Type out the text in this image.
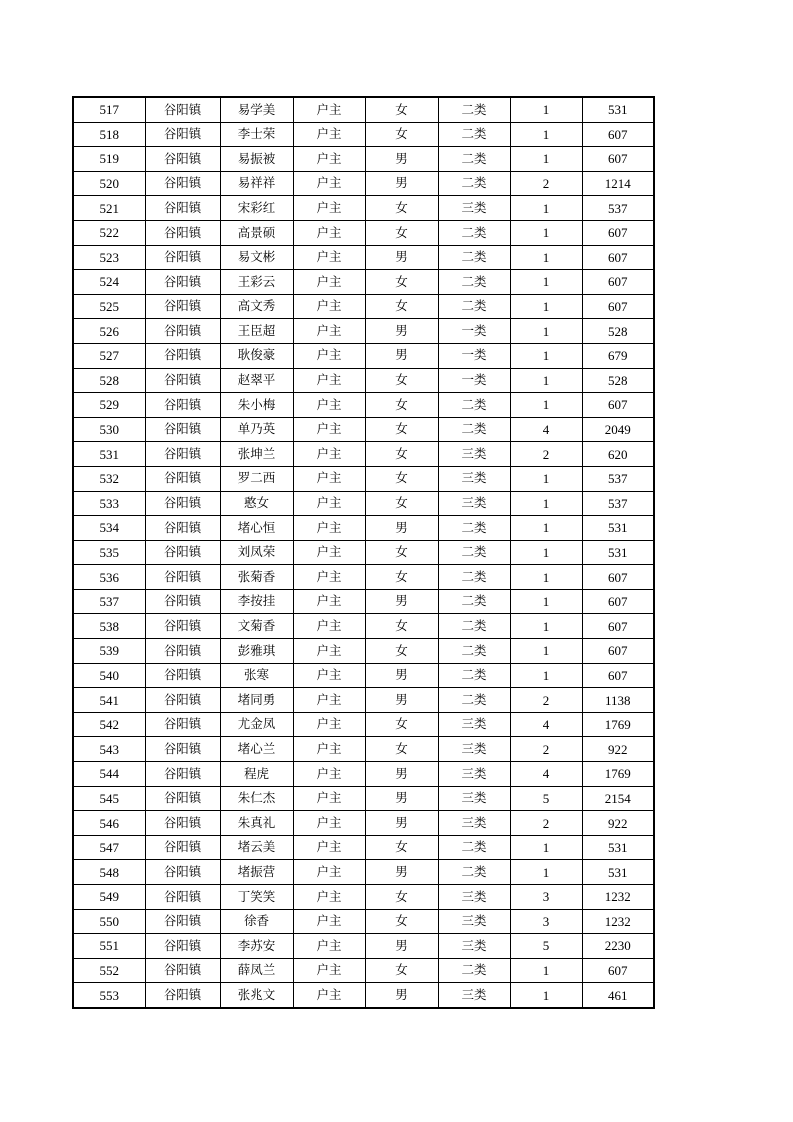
517	谷阳镇	易学美	户主	女	二类	1	531
518	谷阳镇	李士荣	户主	女	二类	1	607
519	谷阳镇	易振被	户主	男	二类	1	607
520	谷阳镇	易祥祥	户主	男	二类	2	1214
521	谷阳镇	宋彩红	户主	女	三类	1	537
522	谷阳镇	高景硕	户主	女	二类	1	607
523	谷阳镇	易文彬	户主	男	二类	1	607
524	谷阳镇	王彩云	户主	女	二类	1	607
525	谷阳镇	高文秀	户主	女	二类	1	607
526	谷阳镇	王臣超	户主	男	一类	1	528
527	谷阳镇	耿俊豪	户主	男	一类	1	679
528	谷阳镇	赵翠平	户主	女	一类	1	528
529	谷阳镇	朱小梅	户主	女	二类	1	607
530	谷阳镇	单乃英	户主	女	二类	4	2049
531	谷阳镇	张坤兰	户主	女	三类	2	620
532	谷阳镇	罗二西	户主	女	三类	1	537
533	谷阳镇	憨女	户主	女	三类	1	537
534	谷阳镇	堵心恒	户主	男	二类	1	531
535	谷阳镇	刘凤荣	户主	女	二类	1	531
536	谷阳镇	张菊香	户主	女	二类	1	607
537	谷阳镇	李按挂	户主	男	二类	1	607
538	谷阳镇	文菊香	户主	女	二类	1	607
539	谷阳镇	彭雅琪	户主	女	二类	1	607
540	谷阳镇	张寒	户主	男	二类	1	607
541	谷阳镇	堵同勇	户主	男	二类	2	1138
542	谷阳镇	尤金凤	户主	女	三类	4	1769
543	谷阳镇	堵心兰	户主	女	三类	2	922
544	谷阳镇	程虎	户主	男	三类	4	1769
545	谷阳镇	朱仁杰	户主	男	三类	5	2154
546	谷阳镇	朱真礼	户主	男	三类	2	922
547	谷阳镇	堵云美	户主	女	二类	1	531
548	谷阳镇	堵振营	户主	男	二类	1	531
549	谷阳镇	丁笑笑	户主	女	三类	3	1232
550	谷阳镇	徐香	户主	女	三类	3	1232
551	谷阳镇	李苏安	户主	男	三类	5	2230
552	谷阳镇	薛凤兰	户主	女	二类	1	607
553	谷阳镇	张兆文	户主	男	三类	1	461
